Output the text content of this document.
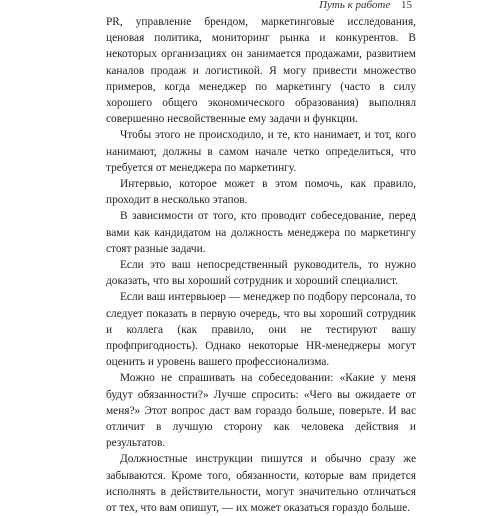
Путь к работе 15

PR, управление брендом, маркетинговые исследования, ценовая политика, мониторинг рынка и конкурентов. В некоторых организациях он занимается продажами, развитием каналов продаж и логистикой. Я могу привести множество примеров, когда менеджер по маркетингу (часто в силу хорошего общего экономического образования) выполнял совершенно несвойственные ему задачи и функции.

Чтобы этого не происходило, и те, кто нанимает, и тот, кого нанимают, должны в самом начале четко определиться, что требуется от менеджера по маркетингу.

Интервью, которое может в этом помочь, как правило, проходит в несколько этапов.

В зависимости от того, кто проводит собеседование, перед вами как кандидатом на должность менеджера по маркетингу стоят разные задачи.

Если это ваш непосредственный руководитель, то нужно доказать, что вы хороший сотрудник и хороший специалист.

Если ваш интервьюер — менеджер по подбору персонала, то следует показать в первую очередь, что вы хороший сотрудник и коллега (как правило, они не тестируют вашу профпригодность). Однако некоторые HR-менеджеры могут оценить и уровень вашего профессионализма.

Можно не спрашивать на собеседовании: «Какие у меня будут обязанности?» Лучше спросить: «Чего вы ожидаете от меня?» Этот вопрос даст вам гораздо больше, поверьте. И вас отличит в лучшую сторону как человека действия и результатов.

Должностные инструкции пишутся и обычно сразу же забываются. Кроме того, обязанности, которые вам придется исполнять в действительности, могут значительно отличаться от тех, что вам опишут, — их может оказаться гораздо больше.
